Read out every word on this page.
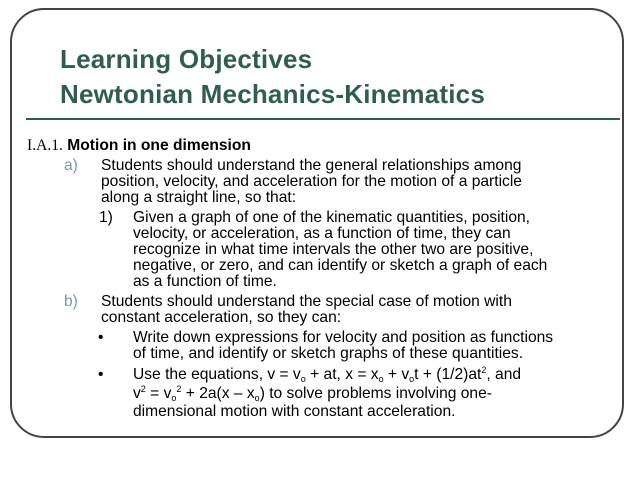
Learning Objectives
Newtonian Mechanics-Kinematics
I.A.1. Motion in one dimension
a) Students should understand the general relationships among
position, velocity, and acceleration for the motion of a particle
along a straight line, so that:
1) Given a graph of one of the kinematic quantities, position,
velocity, or acceleration, as a function of time, they can
recognize in what time intervals the other two are positive,
negative, or zero, and can identify or sketch a graph of each
as a function of time.
b) Students should understand the special case of motion with
constant acceleration, so they can:
• Write down expressions for velocity and position as functions
of time, and identify or sketch graphs of these quantities.
• Use the equations, $v = v_o$ + at, $x = x_o + v_ot + (1/2)at^2$, and
$v^2 = v_o^2 + 2a(x - x_o)$ to solve problems involving one-
dimensional motion with constant acceleration.
